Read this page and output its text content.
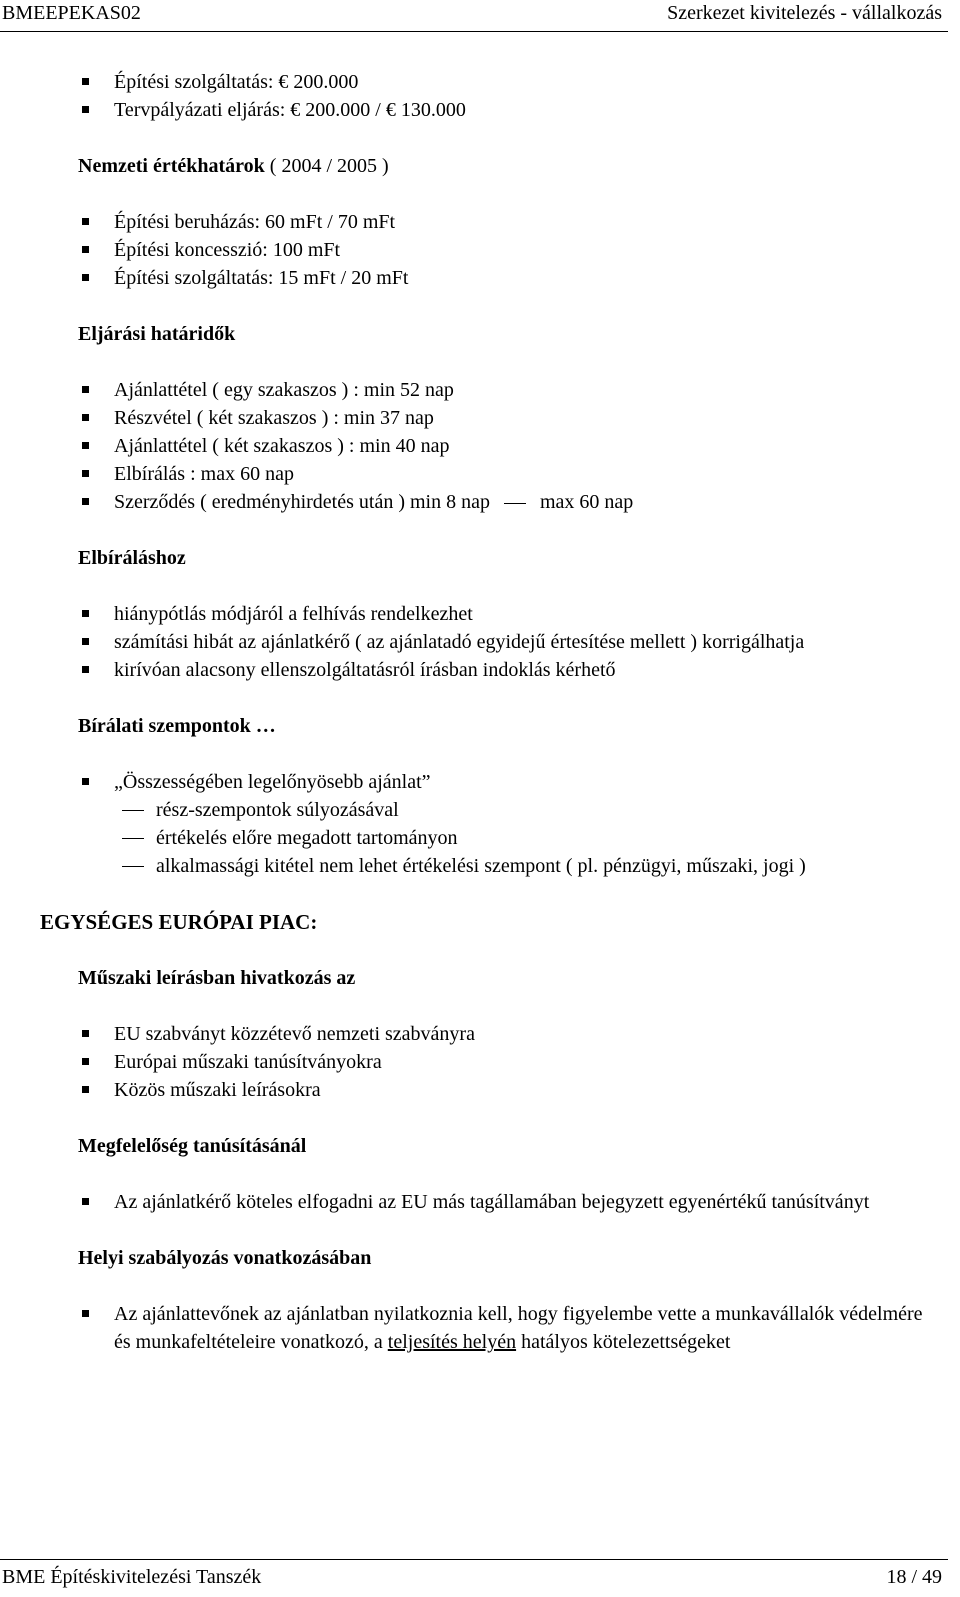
BMEEPEKAS02	Szerkezet kivitelezés - vállalkozás
Építési szolgáltatás: € 200.000
Tervpályázati eljárás: € 200.000 / € 130.000

Nemzeti értékhatárok ( 2004 / 2005 )

Építési beruházás: 60 mFt / 70 mFt
Építési koncesszió: 100 mFt
Építési szolgáltatás: 15 mFt / 20 mFt

Eljárási határidők

Ajánlattétel ( egy szakaszos ) : min 52 nap
Részvétel ( két szakaszos ) : min 37 nap
Ajánlattétel ( két szakaszos ) : min 40 nap
Elbírálás : max 60 nap
Szerződés ( eredményhirdetés után ) min 8 nap	max 60 nap

Elbíráláshoz

hiánypótlás módjáról a felhívás rendelkezhet
számítási hibát az ajánlatkérő ( az ajánlatadó egyidejű értesítése mellett ) korrigálhatja
kirívóan alacsony ellenszolgáltatásról írásban indoklás kérhető

Bírálati szempontok …

„Összességében legelőnyösebb ajánlat”
rész-szempontok súlyozásával
értékelés előre megadott tartományon
alkalmassági kitétel nem lehet értékelési szempont ( pl. pénzügyi, műszaki, jogi )

EGYSÉGES EURÓPAI PIAC:

Műszaki leírásban hivatkozás az

EU szabványt közzétevő nemzeti szabványra
Európai műszaki tanúsítványokra
Közös műszaki leírásokra

Megfelelőség tanúsításánál

Az ajánlatkérő köteles elfogadni az EU más tagállamában bejegyzett egyenértékű tanúsítványt

Helyi szabályozás vonatkozásában

Az ajánlattevőnek az ajánlatban nyilatkoznia kell, hogy figyelembe vette a munkavállalók védelmére és munkafeltételeire vonatkozó, a teljesítés helyén hatályos kötelezettségeket
BME Építéskivitelezési Tanszék	18 / 49
